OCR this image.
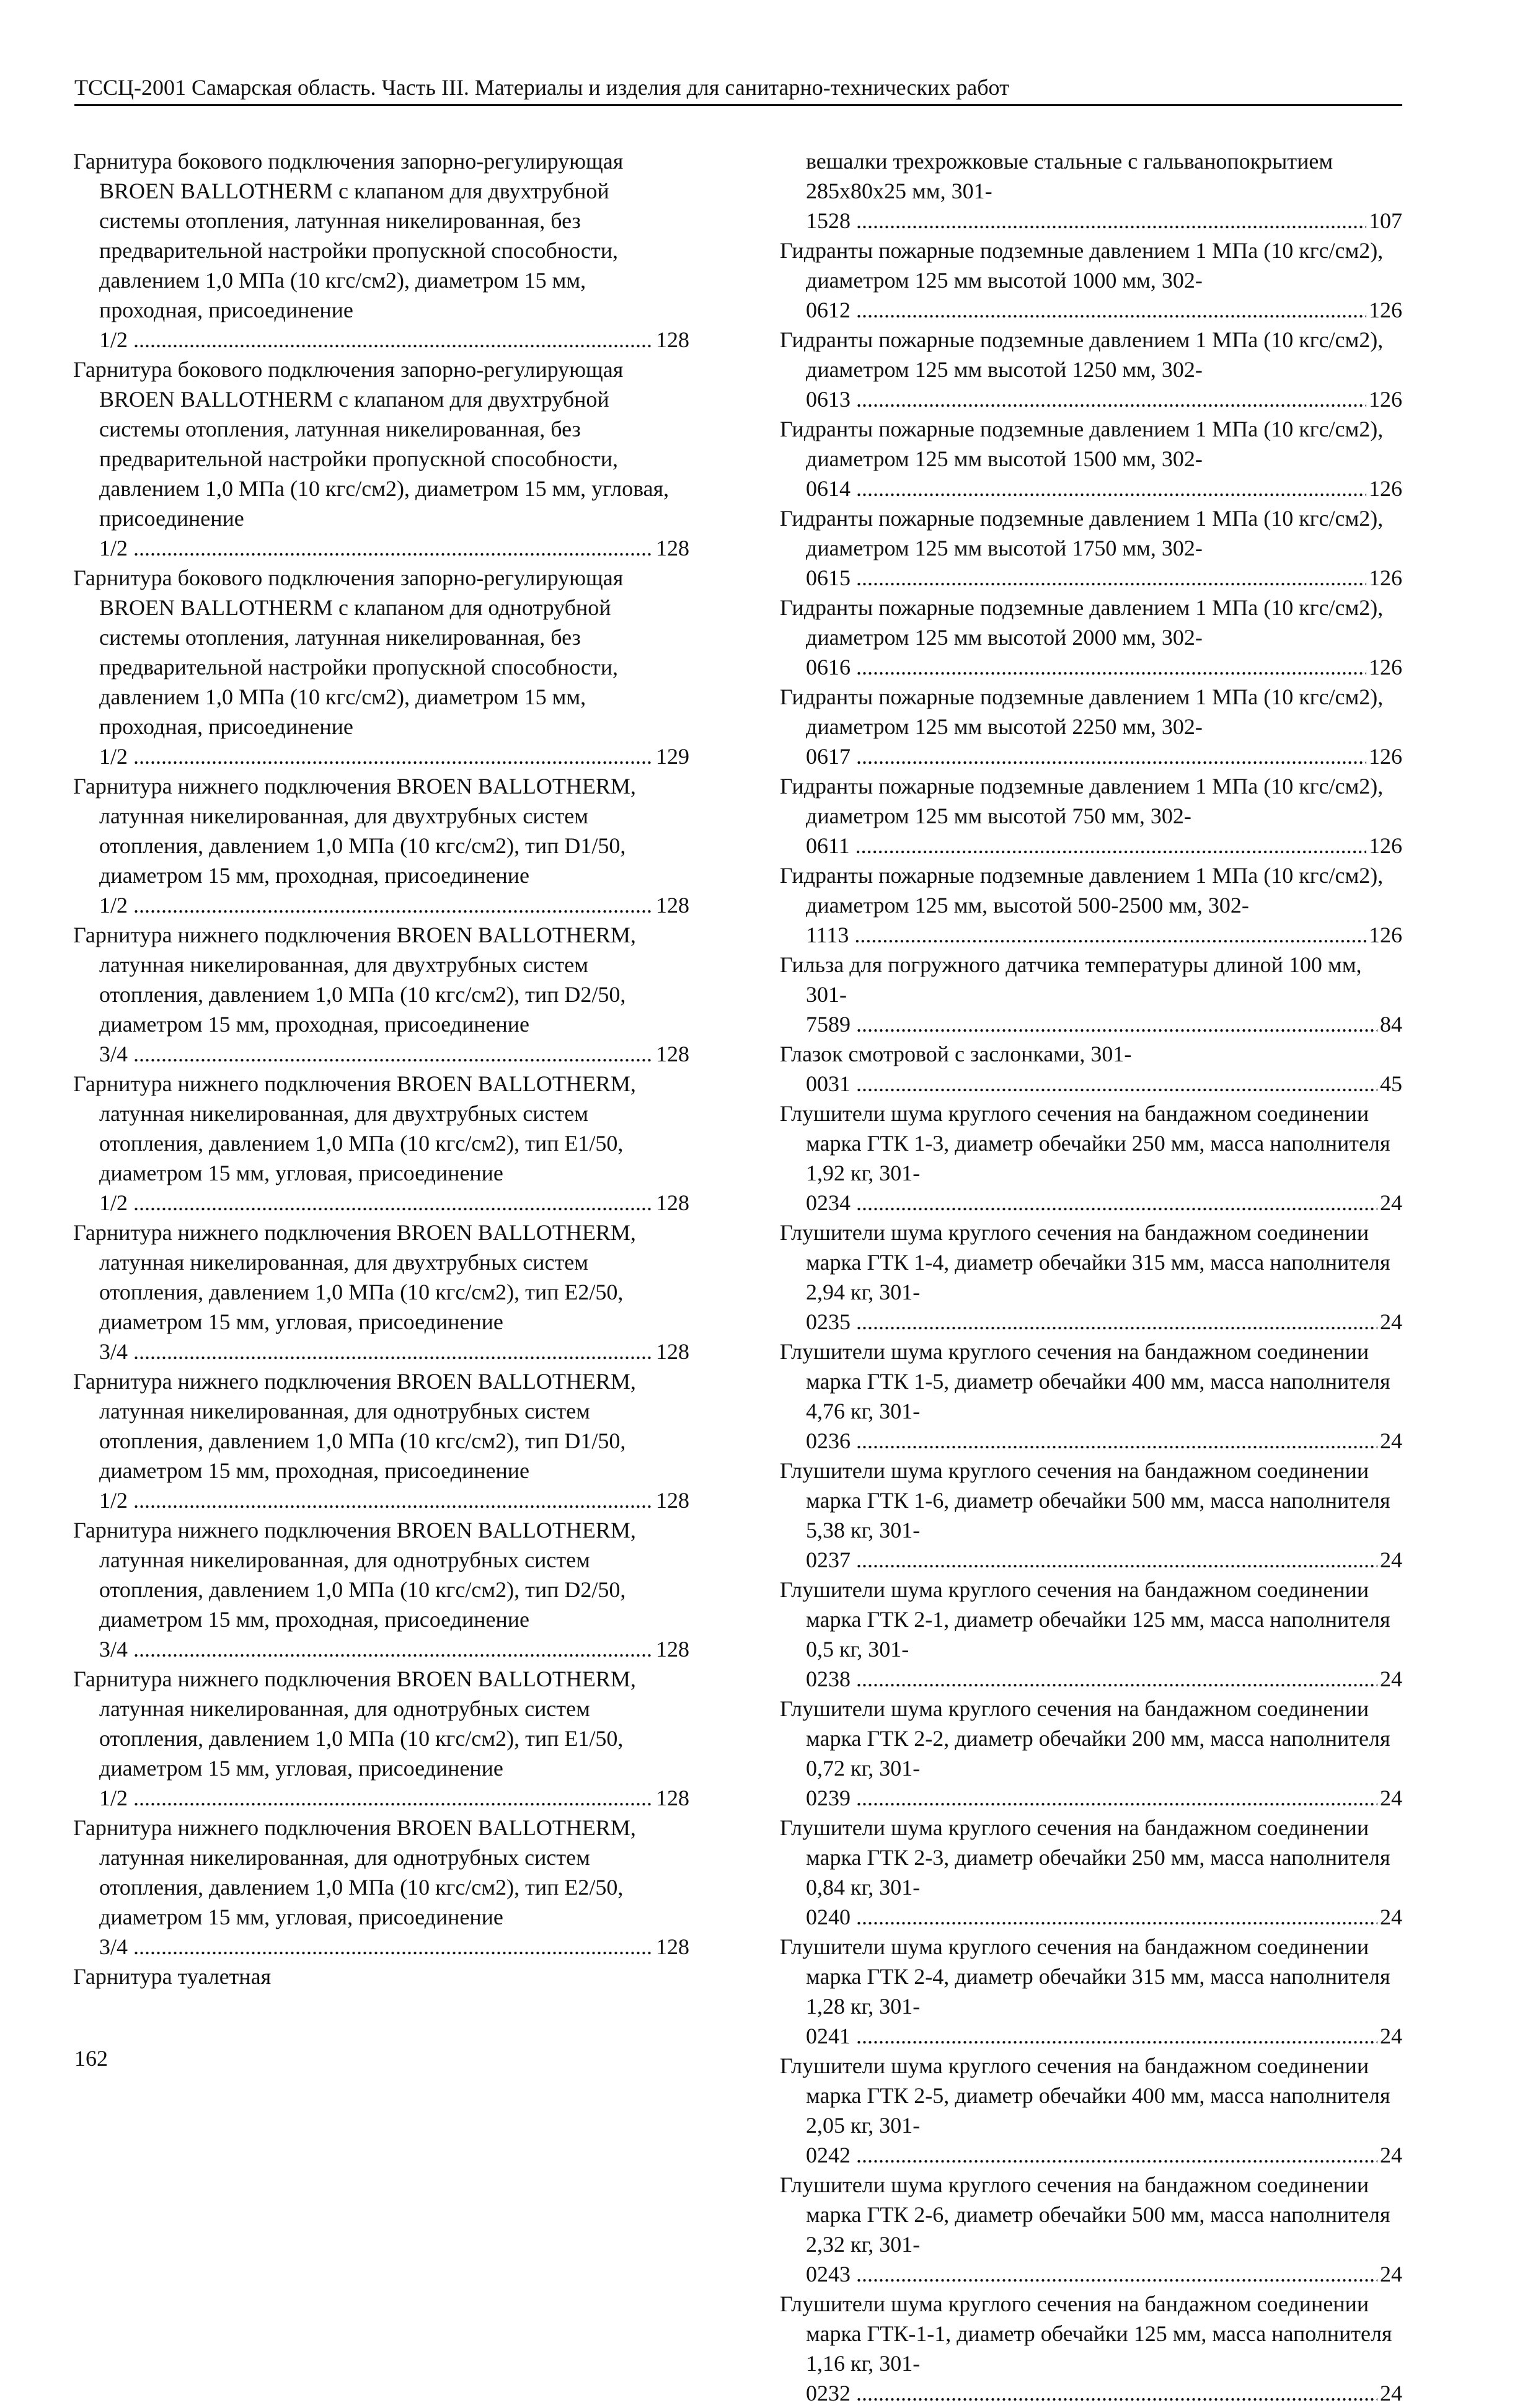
ТССЦ-2001 Самарская область. Часть III. Материалы и изделия для санитарно-технических работ
Гарнитура бокового подключения запорно-регулирующая BROEN BALLOTHERM с клапаном для двухтрубной системы отопления, латунная никелированная, без предварительной настройки пропускной способности, давлением 1,0 МПа (10 кгс/см2), диаметром 15 мм, проходная, присоединение 1/2 .....	128
Гарнитура бокового подключения запорно-регулирующая BROEN BALLOTHERM с клапаном для двухтрубной системы отопления, латунная никелированная, без предварительной настройки пропускной способности, давлением 1,0 МПа (10 кгс/см2), диаметром 15 мм, угловая, присоединение 1/2 .....	128
Гарнитура бокового подключения запорно-регулирующая BROEN BALLOTHERM с клапаном для однотрубной системы отопления, латунная никелированная, без предварительной настройки пропускной способности, давлением 1,0 МПа (10 кгс/см2), диаметром 15 мм, проходная, присоединение 1/2 .....	129
Гарнитура нижнего подключения BROEN BALLOTHERM, латунная никелированная, для двухтрубных систем отопления, давлением 1,0 МПа (10 кгс/см2), тип D1/50, диаметром 15 мм, проходная, присоединение 1/2 .....	128
Гарнитура нижнего подключения BROEN BALLOTHERM, латунная никелированная, для двухтрубных систем отопления, давлением 1,0 МПа (10 кгс/см2), тип D2/50, диаметром 15 мм, проходная, присоединение 3/4 .....	128
Гарнитура нижнего подключения BROEN BALLOTHERM, латунная никелированная, для двухтрубных систем отопления, давлением 1,0 МПа (10 кгс/см2), тип E1/50, диаметром 15 мм, угловая, присоединение 1/2 .....	128
Гарнитура нижнего подключения BROEN BALLOTHERM, латунная никелированная, для двухтрубных систем отопления, давлением 1,0 МПа (10 кгс/см2), тип E2/50, диаметром 15 мм, угловая, присоединение 3/4 .....	128
Гарнитура нижнего подключения BROEN BALLOTHERM, латунная никелированная, для однотрубных систем отопления, давлением 1,0 МПа (10 кгс/см2), тип D1/50, диаметром 15 мм, проходная, присоединение 1/2 .....	128
Гарнитура нижнего подключения BROEN BALLOTHERM, латунная никелированная, для однотрубных систем отопления, давлением 1,0 МПа (10 кгс/см2), тип D2/50, диаметром 15 мм, проходная, присоединение 3/4 .....	128
Гарнитура нижнего подключения BROEN BALLOTHERM, латунная никелированная, для однотрубных систем отопления, давлением 1,0 МПа (10 кгс/см2), тип E1/50, диаметром 15 мм, угловая, присоединение 1/2 .....	128
Гарнитура нижнего подключения BROEN BALLOTHERM, латунная никелированная, для однотрубных систем отопления, давлением 1,0 МПа (10 кгс/см2), тип E2/50, диаметром 15 мм, угловая, присоединение 3/4 .....	128
Гарнитура туалетная
вешалки трехрожковые стальные с гальванопокрытием 285х80х25 мм, 301-1528 .....	107
Гидранты пожарные подземные давлением 1 МПа (10 кгс/см2), диаметром 125 мм высотой 1000 мм, 302-0612 .....	126
Гидранты пожарные подземные давлением 1 МПа (10 кгс/см2), диаметром 125 мм высотой 1250 мм, 302-0613 .....	126
Гидранты пожарные подземные давлением 1 МПа (10 кгс/см2), диаметром 125 мм высотой 1500 мм, 302-0614 .....	126
Гидранты пожарные подземные давлением 1 МПа (10 кгс/см2), диаметром 125 мм высотой 1750 мм, 302-0615 .....	126
Гидранты пожарные подземные давлением 1 МПа (10 кгс/см2), диаметром 125 мм высотой 2000 мм, 302-0616 .....	126
Гидранты пожарные подземные давлением 1 МПа (10 кгс/см2), диаметром 125 мм высотой 2250 мм, 302-0617 .....	126
Гидранты пожарные подземные давлением 1 МПа (10 кгс/см2), диаметром 125 мм высотой 750 мм, 302-0611 .....	126
Гидранты пожарные подземные давлением 1 МПа (10 кгс/см2), диаметром 125 мм, высотой 500-2500 мм, 302-1113 .....	126
Гильза для погружного датчика температуры длиной 100 мм, 301-7589 .....	84
Глазок смотровой с заслонками, 301-0031 .....	45
Глушители шума круглого сечения на бандажном соединении марка ГТК 1-3, диаметр обечайки 250 мм, масса наполнителя 1,92 кг, 301-0234 .....	24
Глушители шума круглого сечения на бандажном соединении марка ГТК 1-4, диаметр обечайки 315 мм, масса наполнителя 2,94 кг, 301-0235 .....	24
Глушители шума круглого сечения на бандажном соединении марка ГТК 1-5, диаметр обечайки 400 мм, масса наполнителя 4,76 кг, 301-0236 .....	24
Глушители шума круглого сечения на бандажном соединении марка ГТК 1-6, диаметр обечайки 500 мм, масса наполнителя 5,38 кг, 301-0237 .....	24
Глушители шума круглого сечения на бандажном соединении марка ГТК 2-1, диаметр обечайки 125 мм, масса наполнителя 0,5 кг, 301-0238 .....	24
Глушители шума круглого сечения на бандажном соединении марка ГТК 2-2, диаметр обечайки 200 мм, масса наполнителя 0,72 кг, 301-0239 .....	24
Глушители шума круглого сечения на бандажном соединении марка ГТК 2-3, диаметр обечайки 250 мм, масса наполнителя 0,84 кг, 301-0240 .....	24
Глушители шума круглого сечения на бандажном соединении марка ГТК 2-4, диаметр обечайки 315 мм, масса наполнителя 1,28 кг, 301-0241 .....	24
Глушители шума круглого сечения на бандажном соединении марка ГТК 2-5, диаметр обечайки 400 мм, масса наполнителя 2,05 кг, 301-0242 .....	24
Глушители шума круглого сечения на бандажном соединении марка ГТК 2-6, диаметр обечайки 500 мм, масса наполнителя 2,32 кг, 301-0243 .....	24
Глушители шума круглого сечения на бандажном соединении марка ГТК-1-1, диаметр обечайки 125 мм, масса наполнителя 1,16 кг, 301-0232 .....	24
162
